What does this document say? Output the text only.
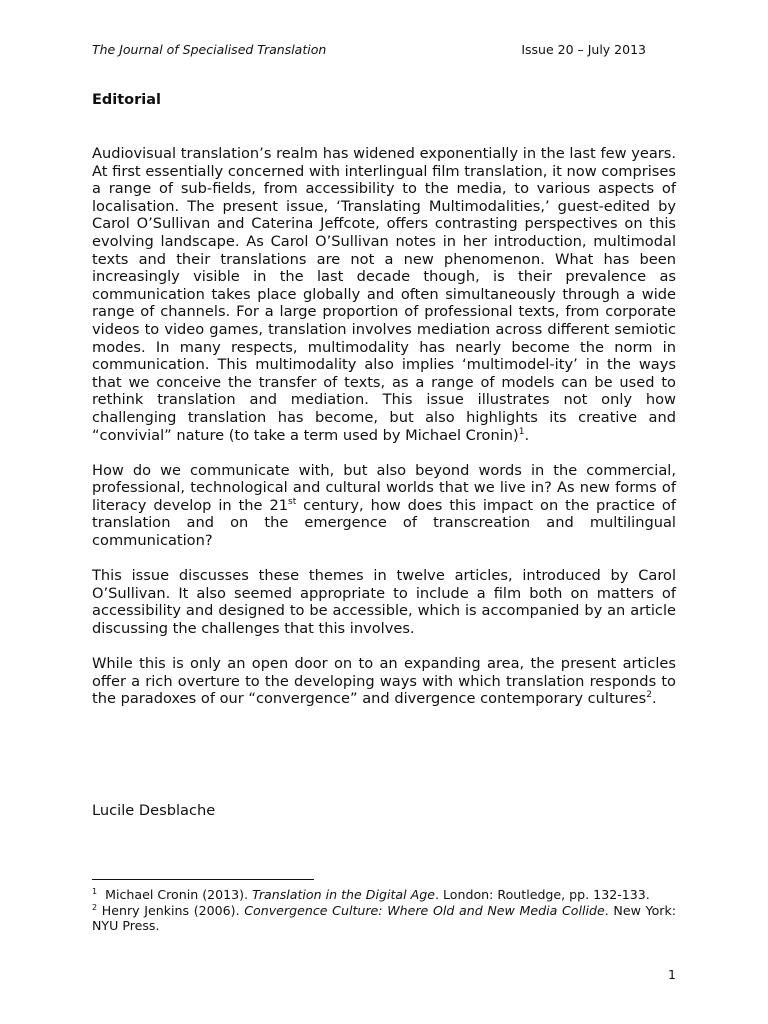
The Journal of Specialised Translation	Issue 20 – July 2013
Editorial

Audiovisual translation’s realm has widened exponentially in the last few years. At first essentially concerned with interlingual film translation, it now comprises a range of sub-fields, from accessibility to the media, to various aspects of localisation. The present issue, ‘Translating Multimodalities,’ guest-edited by Carol O’Sullivan and Caterina Jeffcote, offers contrasting perspectives on this evolving landscape. As Carol O’Sullivan notes in her introduction, multimodal texts and their translations are not a new phenomenon. What has been increasingly visible in the last decade though, is their prevalence as communication takes place globally and often simultaneously through a wide range of channels. For a large proportion of professional texts, from corporate videos to video games, translation involves mediation across different semiotic modes. In many respects, multimodality has nearly become the norm in communication. This multimodality also implies ‘multimodel-ity’ in the ways that we conceive the transfer of texts, as a range of models can be used to rethink translation and mediation. This issue illustrates not only how challenging translation has become, but also highlights its creative and “convivial” nature (to take a term used by Michael Cronin)$^1$.

How do we communicate with, but also beyond words in the commercial, professional, technological and cultural worlds that we live in? As new forms of literacy develop in the 21st century, how does this impact on the practice of translation and on the emergence of transcreation and multilingual communication?

This issue discusses these themes in twelve articles, introduced by Carol O’Sullivan. It also seemed appropriate to include a film both on matters of accessibility and designed to be accessible, which is accompanied by an article discussing the challenges that this involves.

While this is only an open door on to an expanding area, the present articles offer a rich overture to the developing ways with which translation responds to the paradoxes of our “convergence” and divergence contemporary cultures$^2$.

Lucile Desblache

$^1$ Michael Cronin (2013). Translation in the Digital Age. London: Routledge, pp. 132-133.

$^2$ Henry Jenkins (2006). Convergence Culture: Where Old and New Media Collide. New York: NYU Press.

1
